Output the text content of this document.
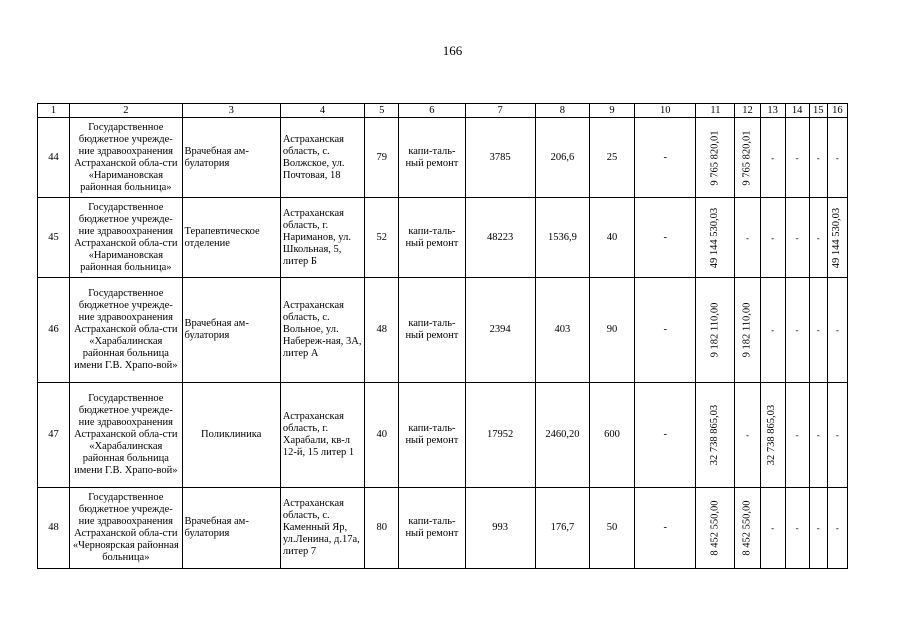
166
1	2	3	4	5	6	7	8	9	10	11	12	13	14	15	16
44	Государственное бюджетное учрежде-ние здравоохранения Астраханской обла-сти «Наримановская районная больница»	Врачебная ам-булатория	Астраханская область, с. Волжское, ул. Почтовая, 18	79	капи-таль-ный ремонт	3785	206,6	25	-	9 765 820,01	9 765 820,01	-	-	-	-
45	Государственное бюджетное учрежде-ние здравоохранения Астраханской обла-сти «Наримановская районная больница»	Терапевтическое отделение	Астраханская область, г. Нариманов, ул. Школьная, 5, литер Б	52	капи-таль-ный ремонт	48223	1536,9	40	-	49 144 530,03	-	-	-	-	49 144 530,03

46	Государственное бюджетное учрежде-ние здравоохранения Астраханской обла-сти «Харабалинская районная больница имени Г.В. Храпо-вой»	Врачебная ам-булатория	Астраханская область, с. Вольное, ул. Набереж-ная, 3А, литер А	48	капи-таль-ный ремонт	2394	403	90	-	9 182 110,00	9 182 110,00	-	-	-	-
47	Государственное бюджетное учрежде-ние здравоохранения Астраханской обла-сти «Харабалинская районная больница имени Г.В. Храпо-вой»	Поликлиника	Астраханская область, г. Харабали, кв-л 12-й, 15 литер 1	40	капи-таль-ный ремонт	17952	2460,20	600	-	32 738 865,03	-	32 738 865,03	-	-	-
48	Государственное бюджетное учрежде-ние здравоохранения Астраханской обла-сти «Черноярская районная больница»	Врачебная ам-булатория	Астраханская область, с. Каменный Яр, ул.Ленина, д.17а, литер 7	80	капи-таль-ный ремонт	993	176,7	50	-	8 452 550,00	8 452 550,00	-	-	-	-
